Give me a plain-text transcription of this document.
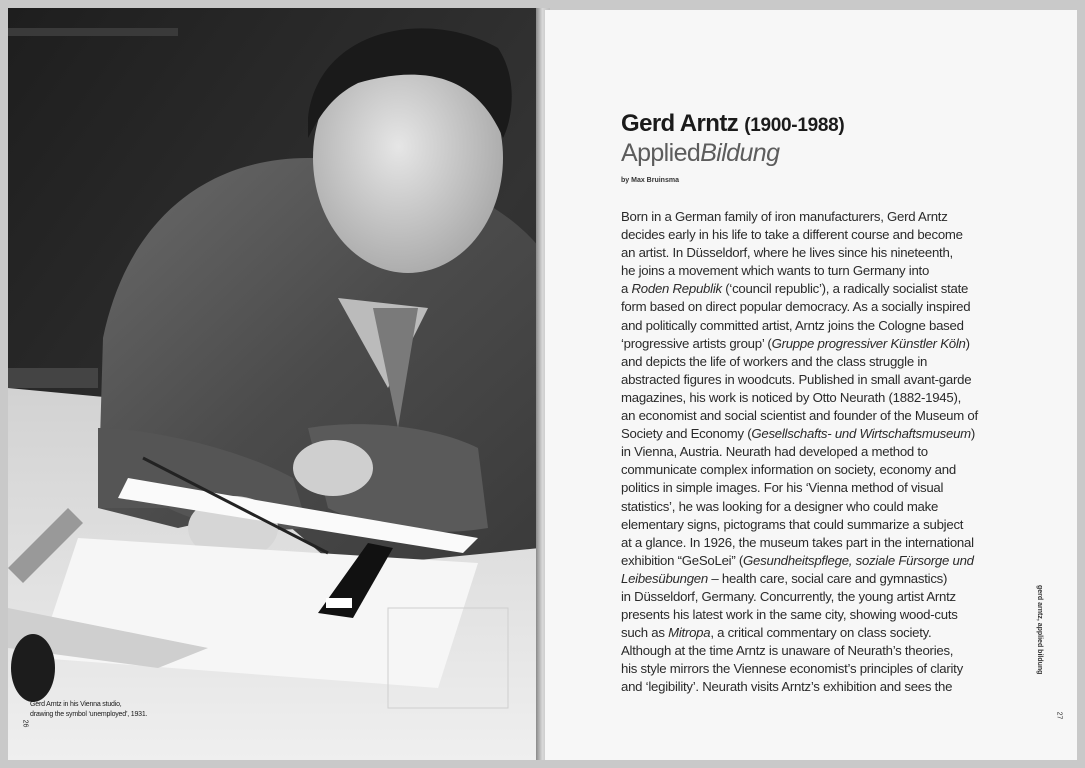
Gerd Arntz in his Vienna studio,
drawing the symbol ‘unemployed’, 1931.
26
Gerd Arntz (1900-1988)
AppliedBildung
by Max Bruinsma
Born in a German family of iron manufacturers, Gerd Arntz
decides early in his life to take a different course and become
an artist. In Düsseldorf, where he lives since his nineteenth,
he joins a movement which wants to turn Germany into
a Roden Republik (‘council republic’), a radically socialist state
form based on direct popular democracy. As a socially inspired
and politically committed artist, Arntz joins the Cologne based
‘progressive artists group’ (Gruppe progressiver Künstler Köln)
and depicts the life of workers and the class struggle in
abstracted figures in woodcuts. Published in small avant-garde
magazines, his work is noticed by Otto Neurath (1882-1945),
an economist and social scientist and founder of the Museum of
Society and Economy (Gesellschafts- und Wirtschaftsmuseum)
in Vienna, Austria. Neurath had developed a method to
communicate complex information on society, economy and
politics in simple images. For his ‘Vienna method of visual
statistics’, he was looking for a designer who could make
elementary signs, pictograms that could summarize a subject
at a glance. In 1926, the museum takes part in the international
exhibition “GeSoLei” (Gesundheitspflege, soziale Fürsorge und
Leibesübungen – health care, social care and gymnastics)
in Düsseldorf, Germany. Concurrently, the young artist Arntz
presents his latest work in the same city, showing wood-cuts
such as Mitropa, a critical commentary on class society.
Although at the time Arntz is unaware of Neurath’s theories,
his style mirrors the Viennese economist’s principles of clarity
and ‘legibility’. Neurath visits Arntz’s exhibition and sees the
gerd arntz, applied bildung
27
